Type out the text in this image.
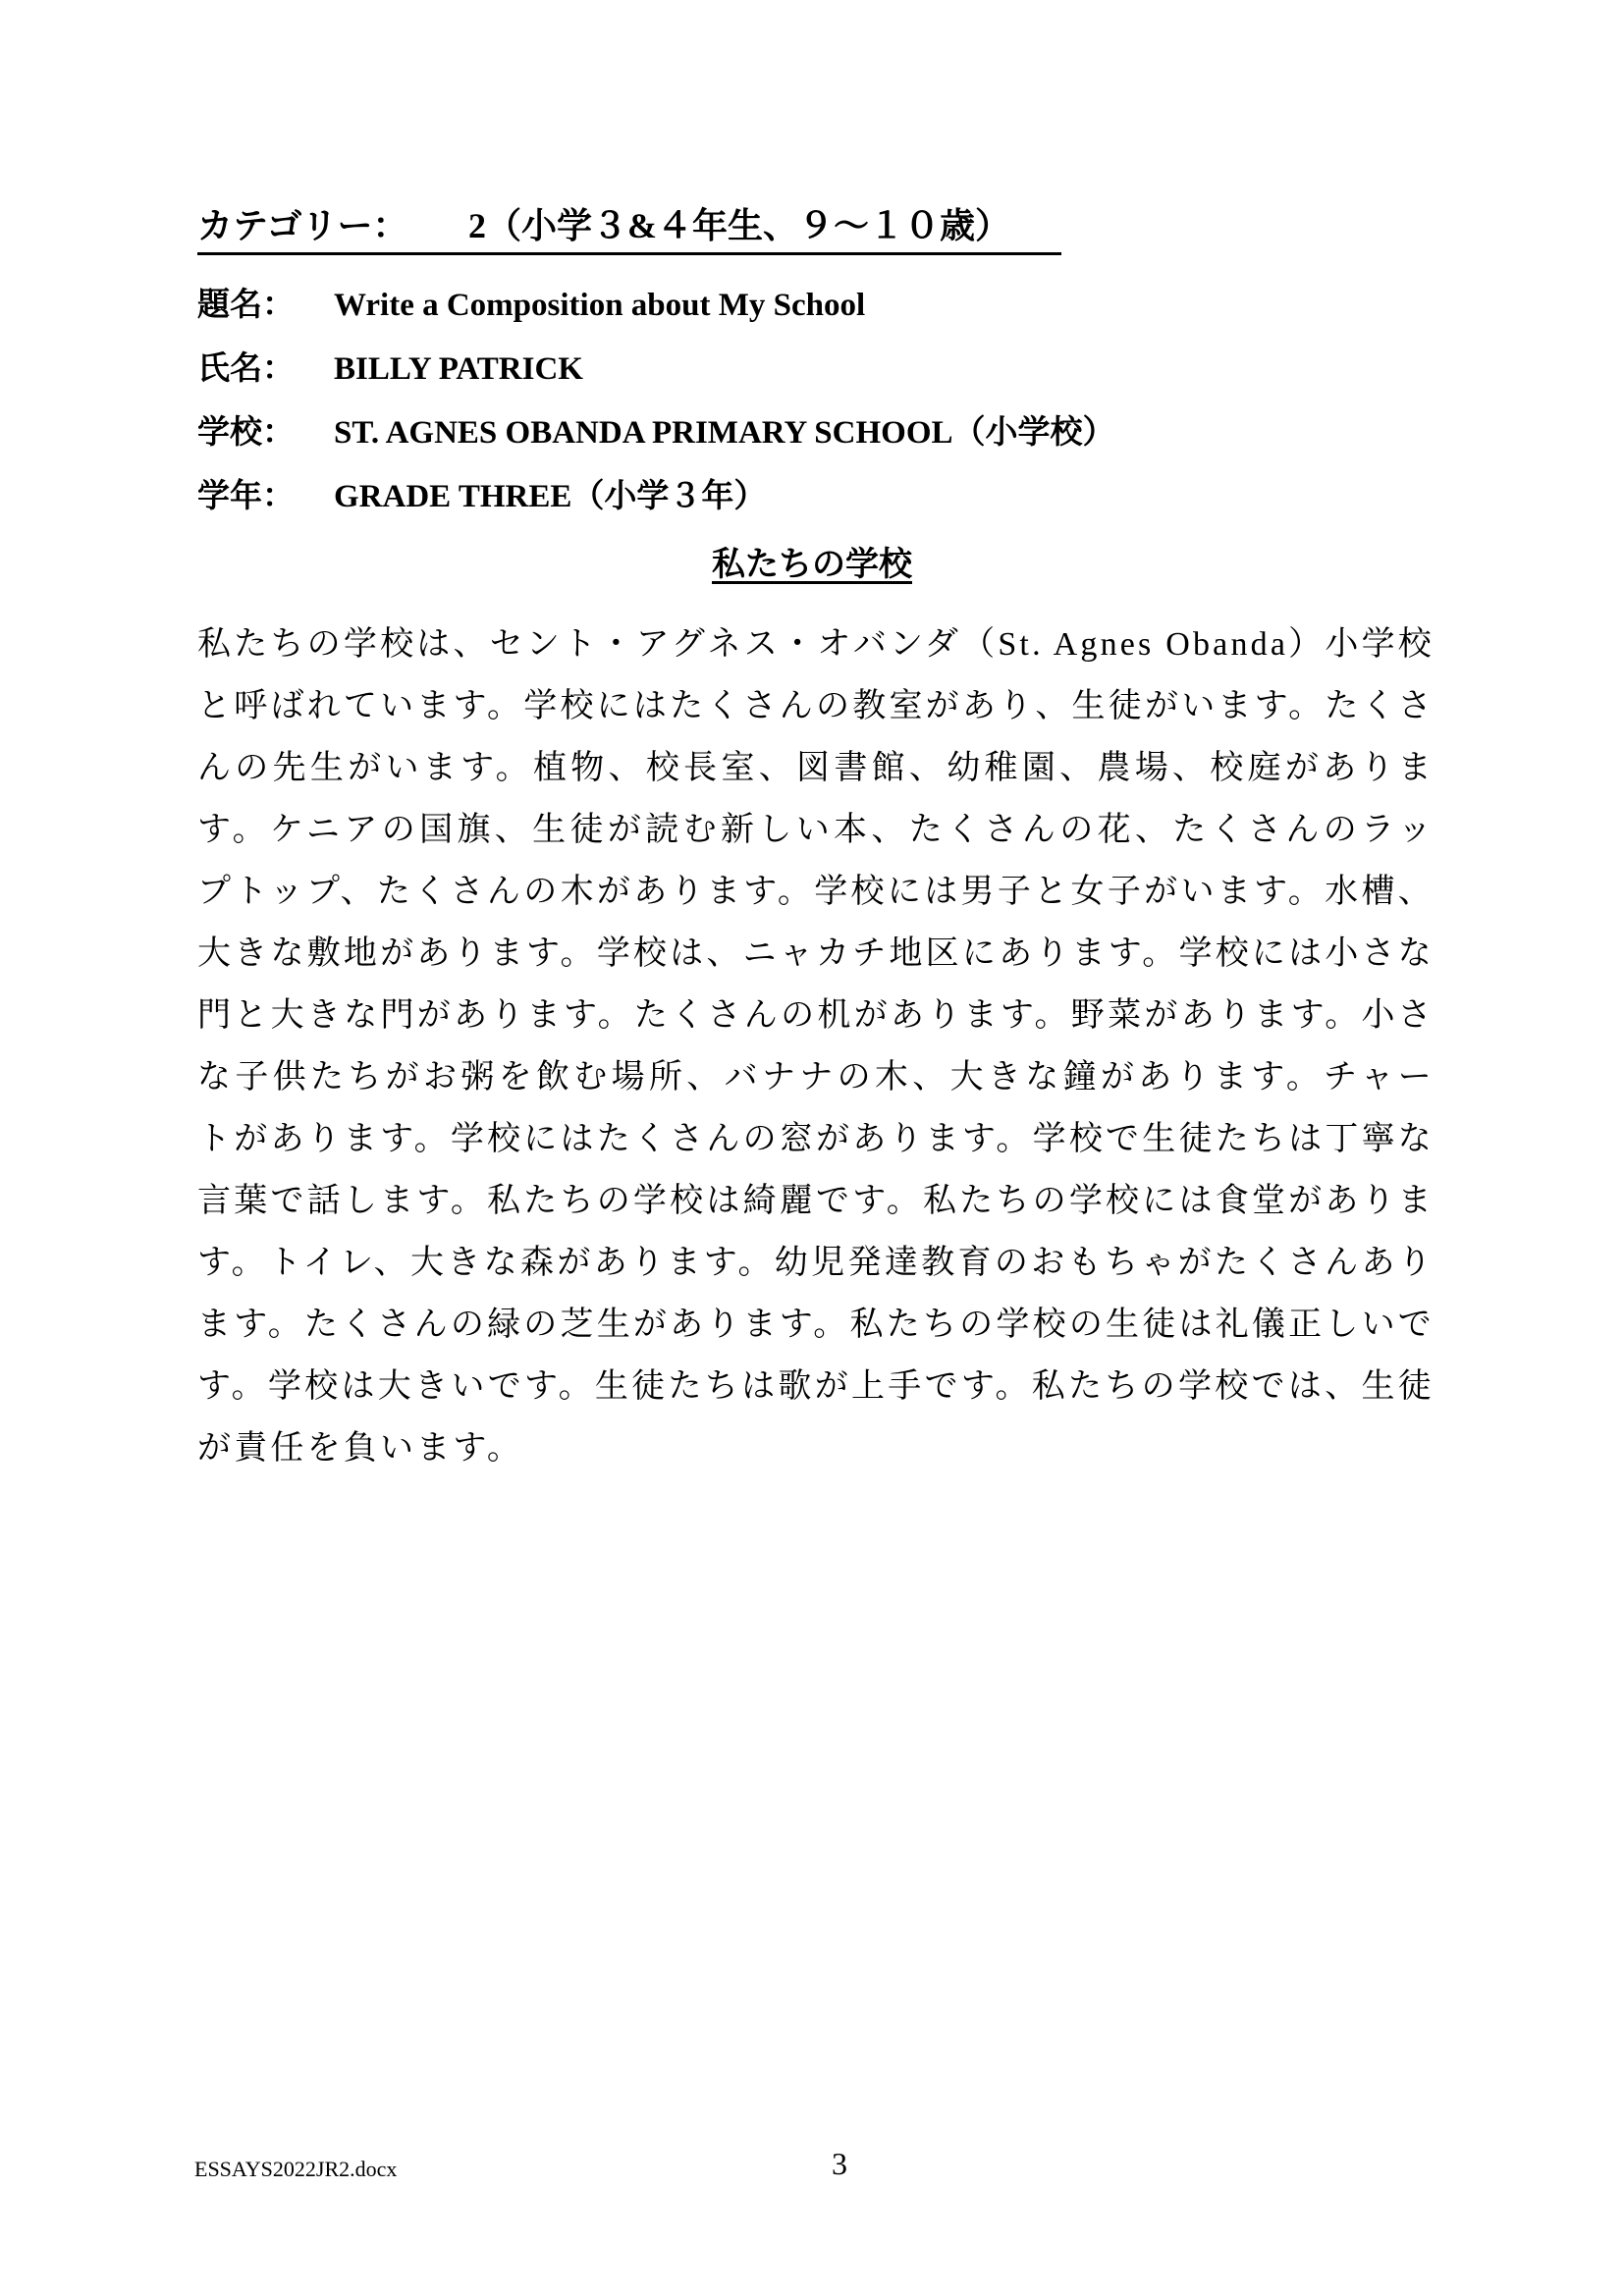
カテゴリー： 2（小学３&４年生、９～１０歳）
題名： Write a Composition about My School
氏名： BILLY PATRICK
学校： ST. AGNES OBANDA PRIMARY SCHOOL（小学校）
学年： GRADE THREE（小学３年）
私たちの学校

私たちの学校は、セント・アグネス・オバンダ（St. Agnes Obanda）小学校と呼ばれています。学校にはたくさんの教室があり、生徒がいます。たくさんの先生がいます。植物、校長室、図書館、幼稚園、農場、校庭があります。ケニアの国旗、生徒が読む新しい本、たくさんの花、たくさんのラップトップ、たくさんの木があります。学校には男子と女子がいます。水槽、大きな敷地があります。学校は、ニャカチ地区にあります。学校には小さな門と大きな門があります。たくさんの机があります。野菜があります。小さな子供たちがお粥を飲む場所、バナナの木、大きな鐘があります。チャートがあります。学校にはたくさんの窓があります。学校で生徒たちは丁寧な言葉で話します。私たちの学校は綺麗です。私たちの学校には食堂があります。トイレ、大きな森があります。幼児発達教育のおもちゃがたくさんあります。たくさんの緑の芝生があります。私たちの学校の生徒は礼儀正しいです。学校は大きいです。生徒たちは歌が上手です。私たちの学校では、生徒が責任を負います。

ESSAYS2022JR2.docx	3
